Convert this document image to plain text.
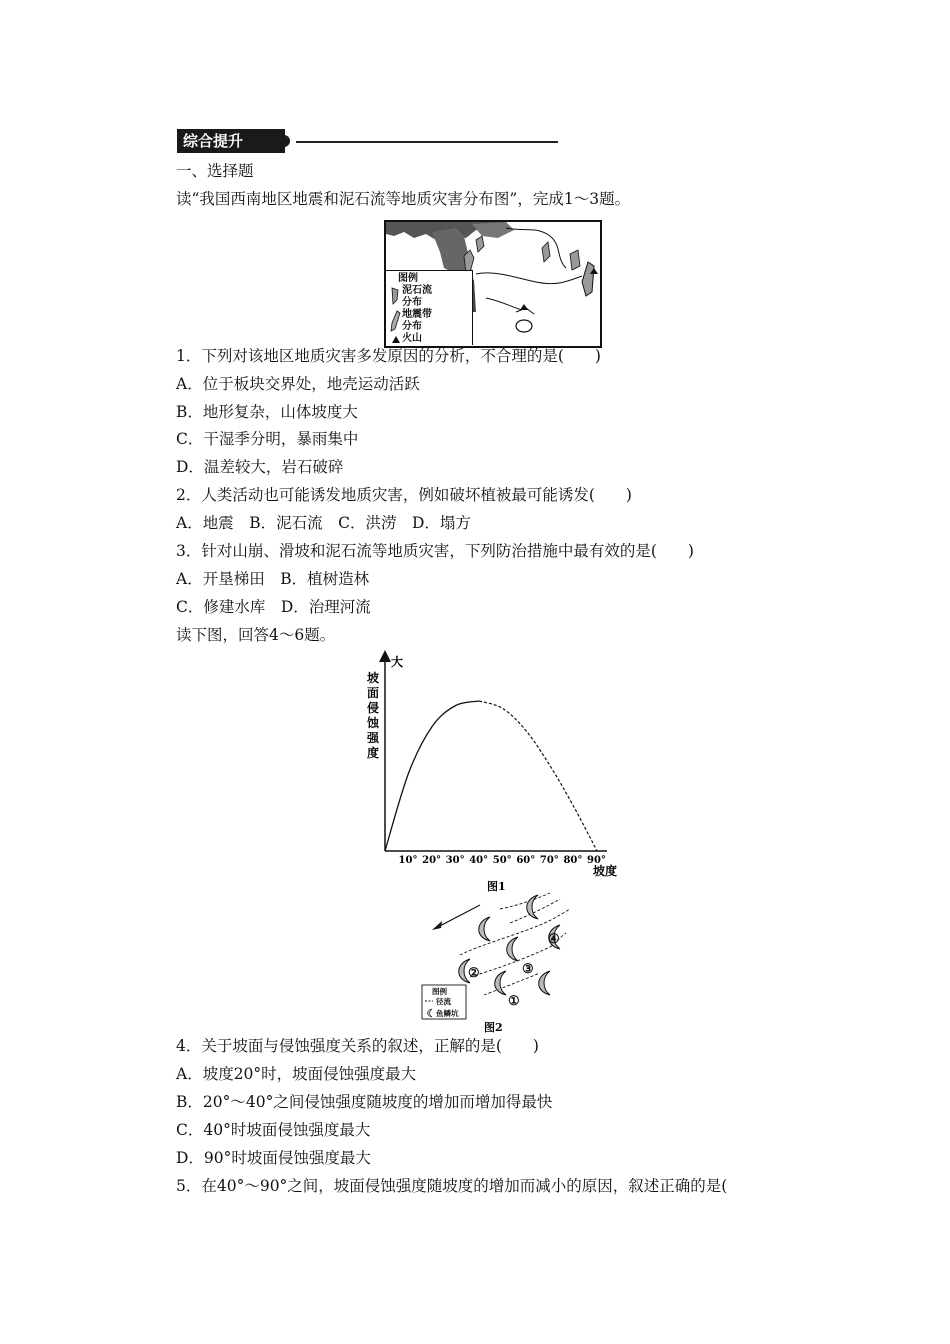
综合提升
一、选择题
读“我国西南地区地震和泥石流等地质灾害分布图”，完成1～3题。
图例
泥石流
分布
地震带
分布
火山
1．下列对该地区地质灾害多发原因的分析，不合理的是(　　)
A．位于板块交界处，地壳运动活跃
B．地形复杂，山体坡度大
C．干湿季分明，暴雨集中
D．温差较大，岩石破碎
2．人类活动也可能诱发地质灾害，例如破坏植被最可能诱发(　　)
A．地震　B．泥石流　C．洪涝　D．塌方
3．针对山崩、滑坡和泥石流等地质灾害，下列防治措施中最有效的是(　　)
A．开垦梯田　B．植树造林
C．修建水库　D．治理河流
读下图，回答4～6题。
大
坡
面
侵
蚀
强
度
10° 20° 30° 40° 50° 60° 70° 80° 90°
坡度
图1
①
②	③
④
图例
径流
鱼鳞坑
图2
4．关于坡面与侵蚀强度关系的叙述，正解的是(　　)
A．坡度20°时，坡面侵蚀强度最大
B．20°～40°之间侵蚀强度随坡度的增加而增加得最快
C．40°时坡面侵蚀强度最大
D．90°时坡面侵蚀强度最大
5．在40°～90°之间，坡面侵蚀强度随坡度的增加而减小的原因，叙述正确的是(
